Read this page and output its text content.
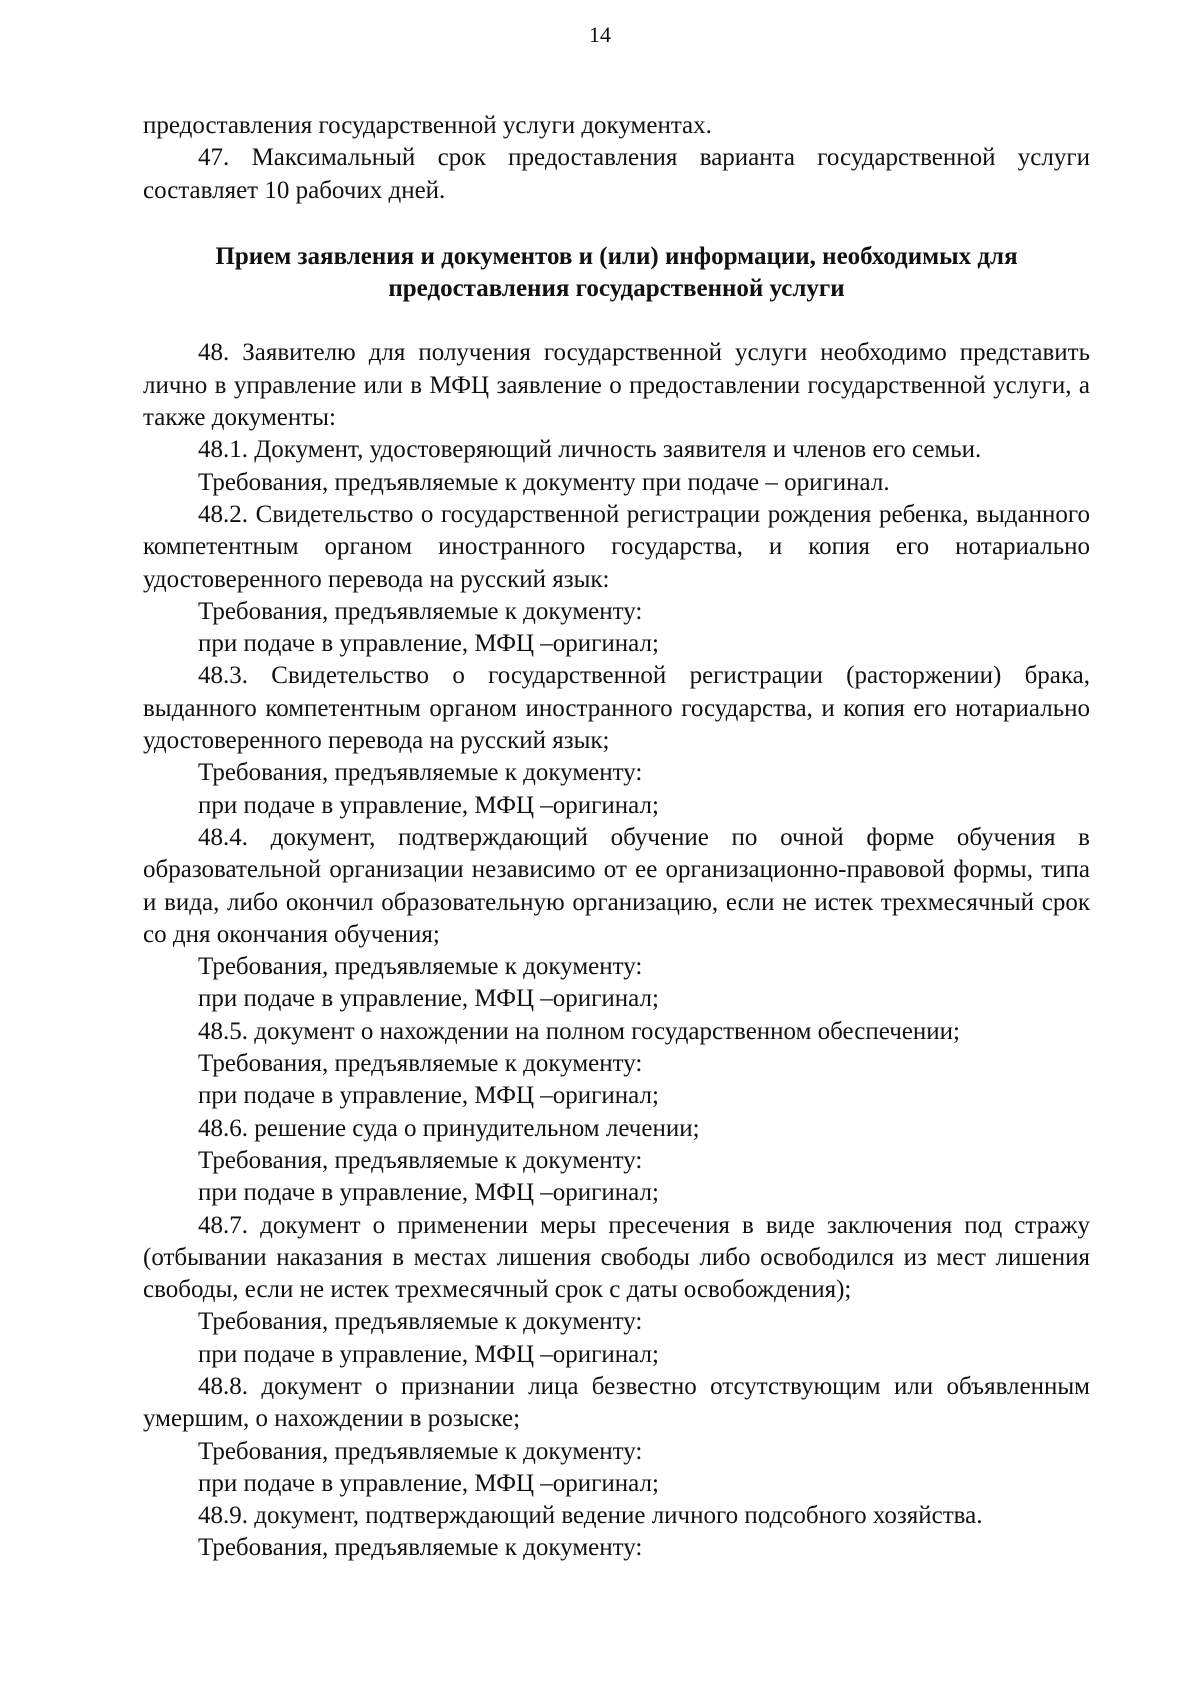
14

предоставления государственной услуги документах.

47. Максимальный срок предоставления варианта государственной услуги составляет 10 рабочих дней.

Прием заявления и документов и (или) информации, необходимых для предоставления государственной услуги

48. Заявителю для получения государственной услуги необходимо представить лично в управление или в МФЦ заявление о предоставлении государственной услуги, а также документы:

48.1. Документ, удостоверяющий личность заявителя и членов его семьи.

Требования, предъявляемые к документу при подаче – оригинал.

48.2. Свидетельство о государственной регистрации рождения ребенка, выданного компетентным органом иностранного государства, и копия его нотариально удостоверенного перевода на русский язык:

Требования, предъявляемые к документу:

при подаче в управление, МФЦ –оригинал;

48.3. Свидетельство о государственной регистрации (расторжении) брака, выданного компетентным органом иностранного государства, и копия его нотариально удостоверенного перевода на русский язык;

Требования, предъявляемые к документу:

при подаче в управление, МФЦ –оригинал;

48.4. документ, подтверждающий обучение по очной форме обучения в образовательной организации независимо от ее организационно-правовой формы, типа и вида, либо окончил образовательную организацию, если не истек трехмесячный срок со дня окончания обучения;

Требования, предъявляемые к документу:

при подаче в управление, МФЦ –оригинал;

48.5. документ о нахождении на полном государственном обеспечении;

Требования, предъявляемые к документу:

при подаче в управление, МФЦ –оригинал;

48.6. решение суда о принудительном лечении;

Требования, предъявляемые к документу:

при подаче в управление, МФЦ –оригинал;

48.7. документ о применении меры пресечения в виде заключения под стражу (отбывании наказания в местах лишения свободы либо освободился из мест лишения свободы, если не истек трехмесячный срок с даты освобождения);

Требования, предъявляемые к документу:

при подаче в управление, МФЦ –оригинал;

48.8. документ о признании лица безвестно отсутствующим или объявленным умершим, о нахождении в розыске;

Требования, предъявляемые к документу:

при подаче в управление, МФЦ –оригинал;

48.9. документ, подтверждающий ведение личного подсобного хозяйства.

Требования, предъявляемые к документу:
